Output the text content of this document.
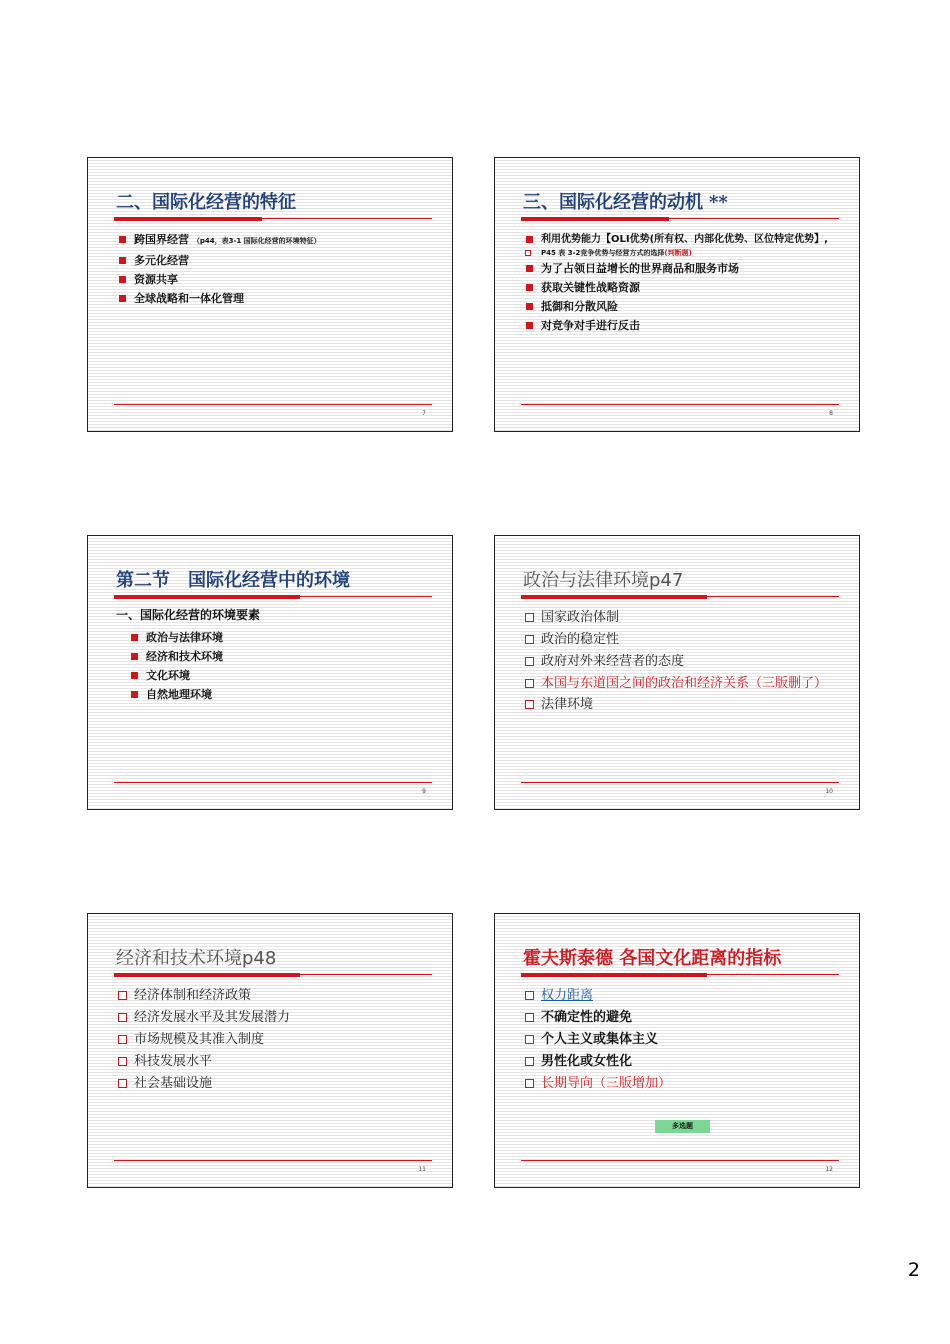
二、国际化经营的特征
跨国界经营 （p44，表3-1 国际化经营的环境特征）
多元化经营
资源共享
全球战略和一体化管理
7
三、国际化经营的动机 **
利用优势能力【OLI优势(所有权、内部化优势、区位特定优势】,
P45 表 3-2竞争优势与经营方式的选择(判断题)
为了占领日益增长的世界商品和服务市场
获取关键性战略资源
抵御和分散风险
对竞争对手进行反击
8
第二节　国际化经营中的环境
一、国际化经营的环境要素
政治与法律环境
经济和技术环境
文化环境
自然地理环境
9
政治与法律环境p47
国家政治体制
政治的稳定性
政府对外来经营者的态度
本国与东道国之间的政治和经济关系（三版删了）
法律环境
10
经济和技术环境p48
经济体制和经济政策
经济发展水平及其发展潜力
市场规模及其准入制度
科技发展水平
社会基础设施
11
霍夫斯泰德 各国文化距离的指标
权力距离
不确定性的避免
个人主义或集体主义
男性化或女性化
长期导向（三版增加）
多选题
12
2
